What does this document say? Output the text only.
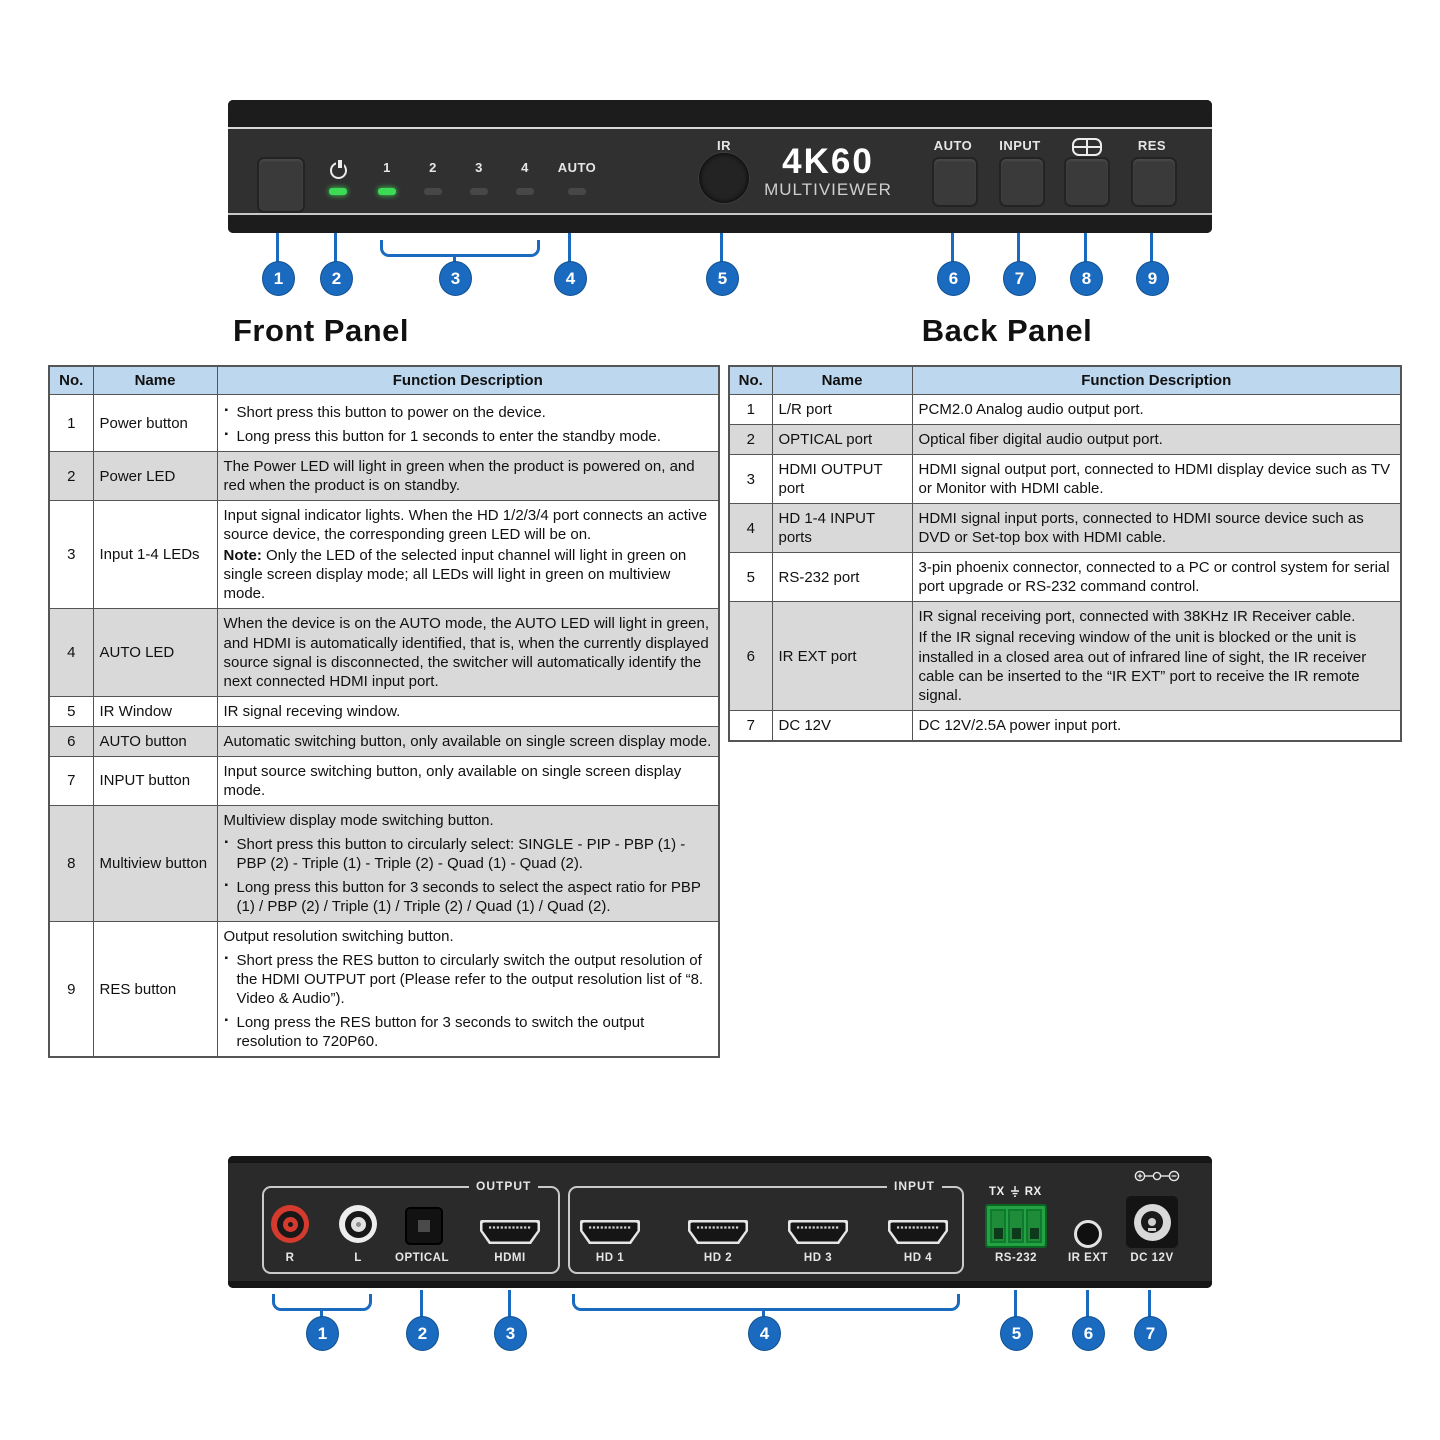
1	2	3	4	AUTO
IR	4K60
MULTIVIEWER
AUTO	INPUT	RES
1	2	3	4	5	6	7	8	9
Front Panel	Back Panel
No.	Name	Function Description
1	Power button	▪ Short press this button to power on the device.

▪ Long press this button for 1 seconds to enter the standby mode.

2	Power LED	The Power LED will light in green when the product is powered on, and red when the product is on standby.

3	Input 1-4 LEDs	Input signal indicator lights. When the HD 1/2/3/4 port connects an active source device, the corresponding green LED will be on.

Note: Only the LED of the selected input channel will light in green on single screen display mode; all LEDs will light in green on multiview mode.

4	AUTO LED	When the device is on the AUTO mode, the AUTO LED will light in green, and HDMI is automatically identified, that is, when the currently displayed source signal is disconnected, the switcher will automatically identify the next connected HDMI input port.

5	IR Window	IR signal receving window.

6	AUTO button	Automatic switching button, only available on single screen display mode.

7	INPUT button	Input source switching button, only available on single screen display mode.

8	Multiview button	Multiview display mode switching button.

▪ Short press this button to circularly select: SINGLE - PIP - PBP (1) - PBP (2) - Triple (1) - Triple (2) - Quad (1) - Quad (2).

▪ Long press this button for 3 seconds to select the aspect ratio for PBP (1) / PBP (2) / Triple (1) / Triple (2) / Quad (1) / Quad (2).

9	RES button	Output resolution switching button.

▪ Short press the RES button to circularly switch the output resolution of the HDMI OUTPUT port (Please refer to the output resolution list of “8. Video & Audio”).

▪ Long press the RES button for 3 seconds to switch the output resolution to 720P60.

No.	Name	Function Description
1	L/R port	PCM2.0 Analog audio output port.

2	OPTICAL port	Optical fiber digital audio output port.

3	HDMI OUTPUT port	HDMI signal output port, connected to HDMI display device such as TV or Monitor with HDMI cable.

4	HD 1-4 INPUT ports	HDMI signal input ports, connected to HDMI source device such as DVD or Set-top box with HDMI cable.

5	RS-232 port	3-pin phoenix connector, connected to a PC or control system for serial port upgrade or RS-232 command control.

6	IR EXT port	IR signal receiving port, connected with 38KHz IR Receiver cable.

If the IR signal receving window of the unit is blocked or the unit is installed in a closed area out of infrared line of sight, the IR receiver cable can be inserted to the “IR EXT” port to receive the IR remote signal.

7	DC 12V	DC 12V/2.5A power input port.

OUTPUT	INPUT	TX RX
R	L	OPTICAL	HDMI	HD 1	HD 2	HD 3	HD 4	RS-232	IR EXT	DC 12V
1	2	3	4	5	6	7
